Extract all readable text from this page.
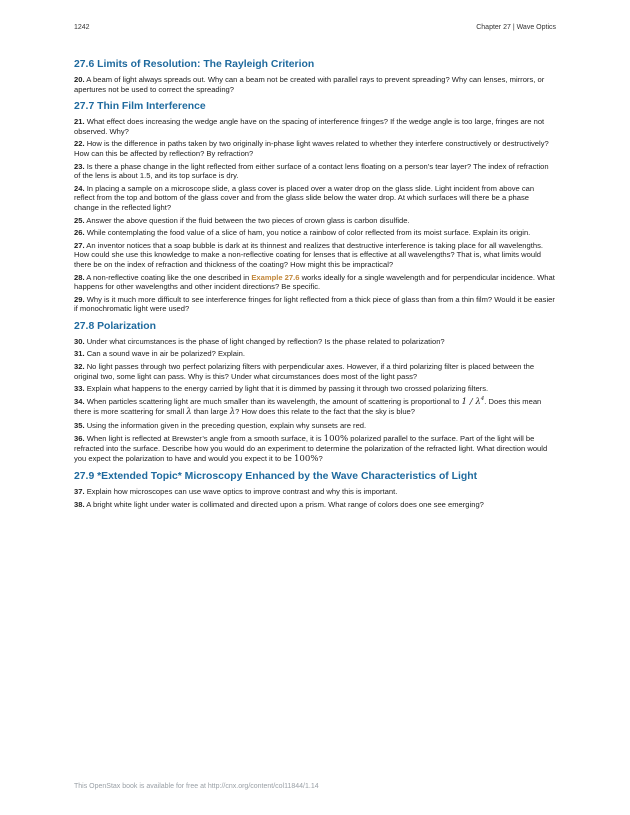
1242	Chapter 27 | Wave Optics
27.6 Limits of Resolution: The Rayleigh Criterion

20. A beam of light always spreads out. Why can a beam not be created with parallel rays to prevent spreading? Why can lenses, mirrors, or apertures not be used to correct the spreading?

27.7 Thin Film Interference

21. What effect does increasing the wedge angle have on the spacing of interference fringes? If the wedge angle is too large, fringes are not observed. Why?

22. How is the difference in paths taken by two originally in-phase light waves related to whether they interfere constructively or destructively? How can this be affected by reflection? By refraction?

23. Is there a phase change in the light reflected from either surface of a contact lens floating on a person’s tear layer? The index of refraction of the lens is about 1.5, and its top surface is dry.

24. In placing a sample on a microscope slide, a glass cover is placed over a water drop on the glass slide. Light incident from above can reflect from the top and bottom of the glass cover and from the glass slide below the water drop. At which surfaces will there be a phase change in the reflected light?

25. Answer the above question if the fluid between the two pieces of crown glass is carbon disulfide.

26. While contemplating the food value of a slice of ham, you notice a rainbow of color reflected from its moist surface. Explain its origin.

27. An inventor notices that a soap bubble is dark at its thinnest and realizes that destructive interference is taking place for all wavelengths. How could she use this knowledge to make a non-reflective coating for lenses that is effective at all wavelengths? That is, what limits would there be on the index of refraction and thickness of the coating? How might this be impractical?

28. A non-reflective coating like the one described in Example 27.6 works ideally for a single wavelength and for perpendicular incidence. What happens for other wavelengths and other incident directions? Be specific.

29. Why is it much more difficult to see interference fringes for light reflected from a thick piece of glass than from a thin film? Would it be easier if monochromatic light were used?

27.8 Polarization

30. Under what circumstances is the phase of light changed by reflection? Is the phase related to polarization?

31. Can a sound wave in air be polarized? Explain.

32. No light passes through two perfect polarizing filters with perpendicular axes. However, if a third polarizing filter is placed between the original two, some light can pass. Why is this? Under what circumstances does most of the light pass?

33. Explain what happens to the energy carried by light that it is dimmed by passing it through two crossed polarizing filters.

34. When particles scattering light are much smaller than its wavelength, the amount of scattering is proportional to $1 / \lambda^4$. Does this mean there is more scattering for small λ than large λ? How does this relate to the fact that the sky is blue?

35. Using the information given in the preceding question, explain why sunsets are red.

36. When light is reflected at Brewster’s angle from a smooth surface, it is 100% polarized parallel to the surface. Part of the light will be refracted into the surface. Describe how you would do an experiment to determine the polarization of the refracted light. What direction would you expect the polarization to have and would you expect it to be 100%?

27.9 *Extended Topic* Microscopy Enhanced by the Wave Characteristics of Light

37. Explain how microscopes can use wave optics to improve contrast and why this is important.

38. A bright white light under water is collimated and directed upon a prism. What range of colors does one see emerging?

This OpenStax book is available for free at http://cnx.org/content/col11844/1.14
